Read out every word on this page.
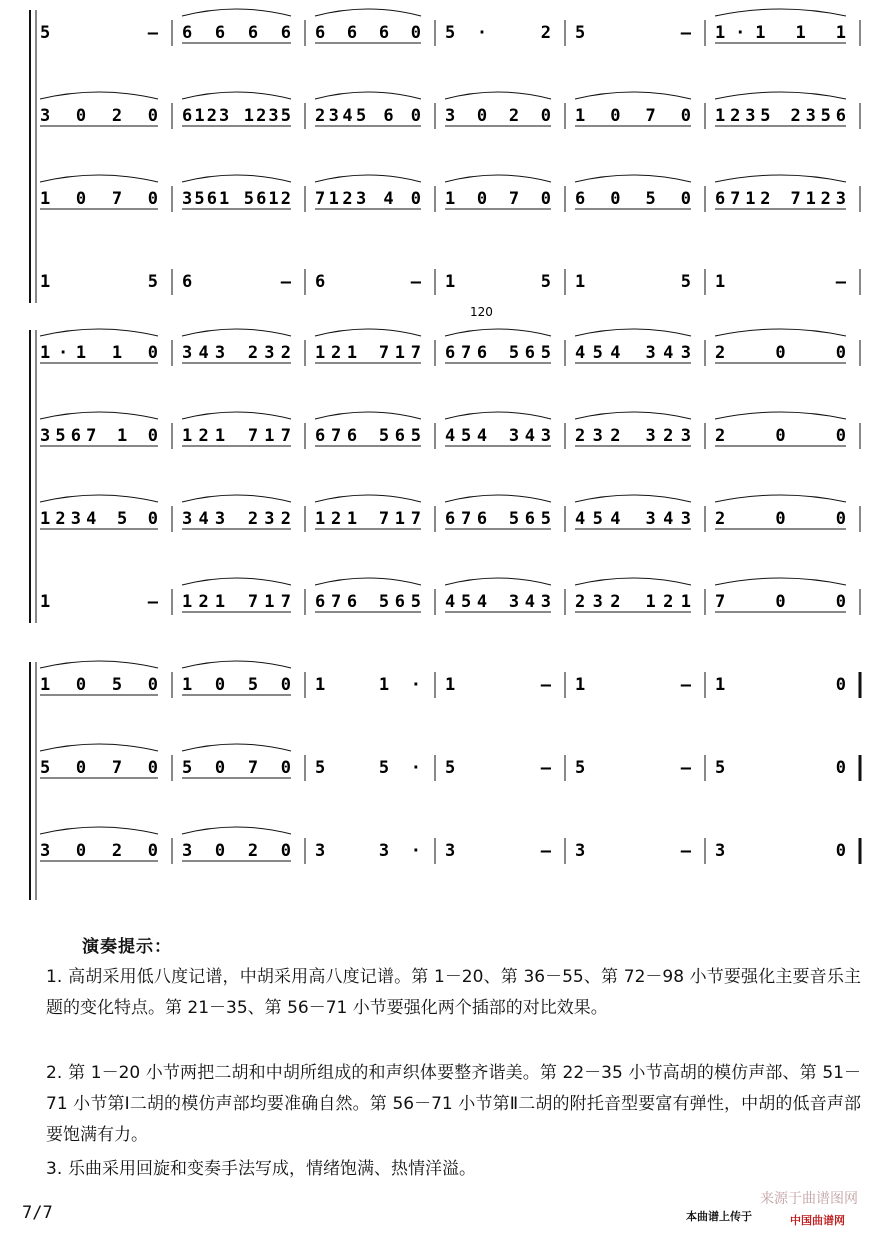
5 – 6 6 6 6 6 6 6 0 5· 2 5 – 1·1 1 1
3 0 2 0 6123 1235 2345 6 0 3 0 2 0 1 0 7 0 1235 2356
1 0 7 0 3561 5612 7123 4 0 1 0 7 0 6 0 5 0 6712 7123
1 5 6 – 6 – 1 5 1 5 1 –
120
1·1 1 0 343 232 121 717 676 565 454 343 2 0 0
3567 1 0 121 717 676 565 454 343 232 323 2 0 0
1234 5 0 343 232 121 717 676 565 454 343 2 0 0
1 – 121 717 676 565 454 343 232 121 7 0 0
1 0 5 0 1 0 5 0 1 1· 1 – 1 – 1 0
5 0 7 0 5 0 7 0 5 5· 5 – 5 – 5 0
3 0 2 0 3 0 2 0 3 3· 3 – 3 – 3 0
演奏提示：
1. 高胡采用低八度记谱，中胡采用高八度记谱。第 1－20、第 36－55、第 72－98 小节要强化主要音乐主题的变化特点。第 21－35、第 56－71 小节要强化两个插部的对比效果。
2. 第 1－20 小节两把二胡和中胡所组成的和声织体要整齐谐美。第 22－35 小节高胡的模仿声部、第 51－71 小节第Ⅰ二胡的模仿声部均要准确自然。第 56－71 小节第Ⅱ二胡的附托音型要富有弹性，中胡的低音声部要饱满有力。
3. 乐曲采用回旋和变奏手法写成，情绪饱满、热情洋溢。
7/7	本曲谱上传于
来源于曲谱图网
中国曲谱网
